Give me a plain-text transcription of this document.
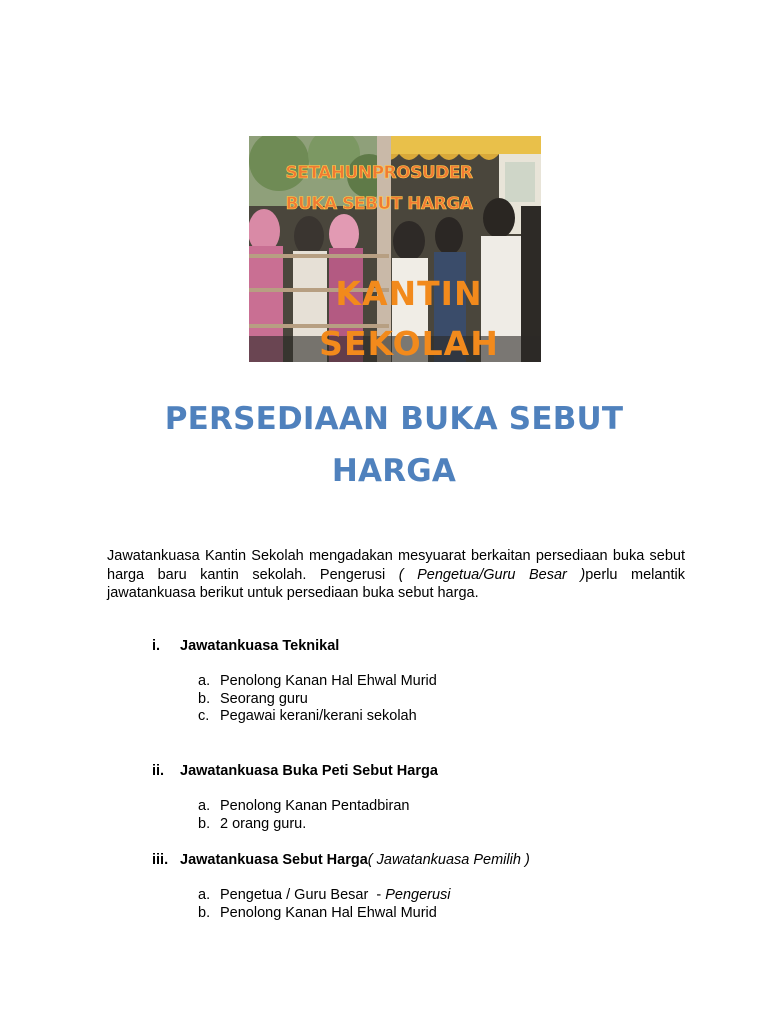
SETAHUNPROSUDER
BUKA SEBUT HARGA
KANTIN
SEKOLAH
PERSEDIAAN BUKA SEBUT
HARGA

Jawatankuasa Kantin Sekolah mengadakan mesyuarat berkaitan persediaan buka sebut harga baru kantin sekolah. Pengerusi ( Pengetua/Guru Besar )perlu melantik jawatankuasa berikut untuk persediaan buka sebut harga.

i.	Jawatankuasa Teknikal
a. Penolong Kanan Hal Ehwal Murid
b. Seorang guru
c. Pegawai kerani/kerani sekolah
ii.	Jawatankuasa Buka Peti Sebut Harga
a. Penolong Kanan Pentadbiran
b. 2 orang guru.
iii. Jawatankuasa Sebut Harga ( Jawatankuasa Pemilih )
a. Pengetua / Guru Besar  - Pengerusi
b. Penolong Kanan Hal Ehwal Murid
